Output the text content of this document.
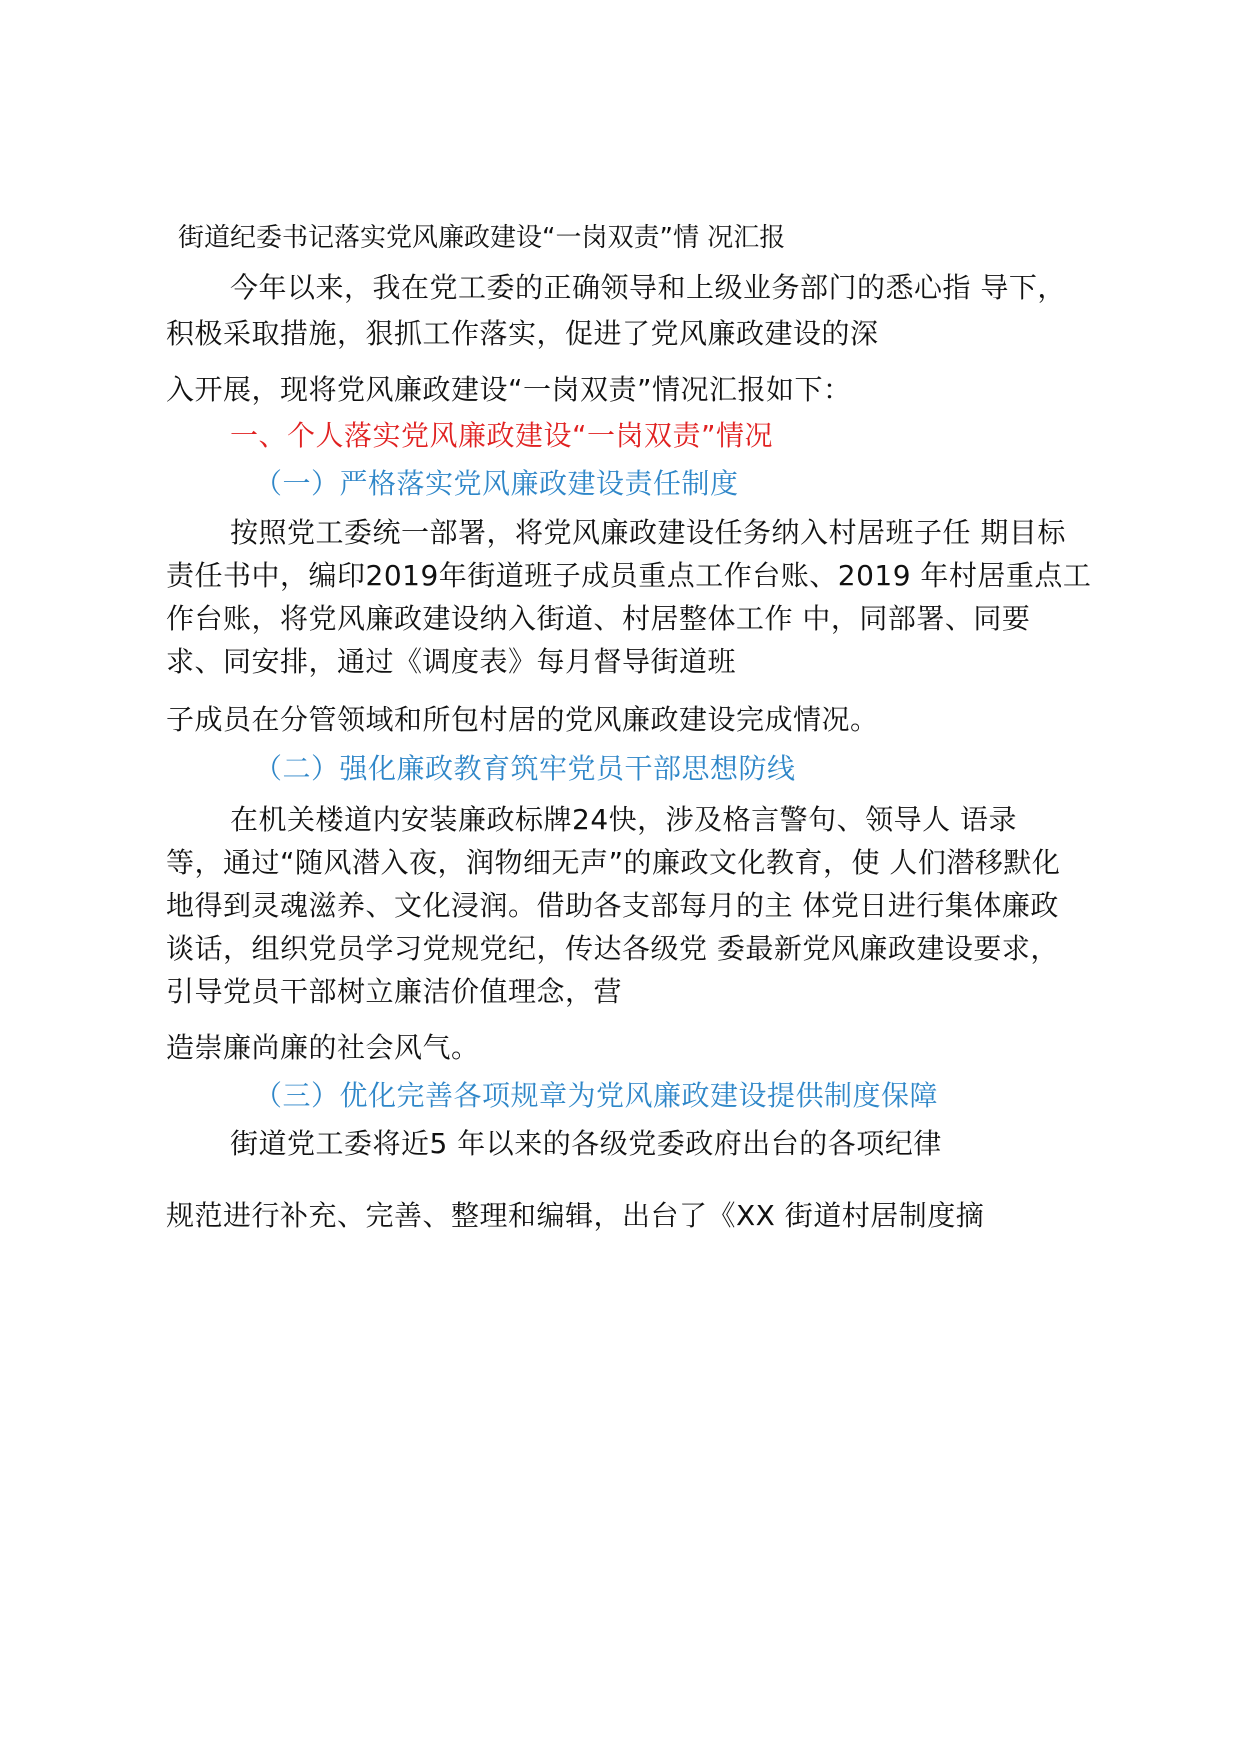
街道纪委书记落实党风廉政建设“一岗双责”情 况汇报
今年以来，我在党工委的正确领导和上级业务部门的悉心指 导下，
积极采取措施，狠抓工作落实，促进了党风廉政建设的深
入开展，现将党风廉政建设“一岗双责”情况汇报如下：
一、个人落实党风廉政建设“一岗双责”情况
（一）严格落实党风廉政建设责任制度
按照党工委统一部署，将党风廉政建设任务纳入村居班子任 期目标
责任书中，编印2019年街道班子成员重点工作台账、2019 年村居重点工
作台账，将党风廉政建设纳入街道、村居整体工作 中，同部署、同要
求、同安排，通过《调度表》每月督导街道班
子成员在分管领域和所包村居的党风廉政建设完成情况。
（二）强化廉政教育筑牢党员干部思想防线
在机关楼道内安装廉政标牌24快，涉及格言警句、领导人 语录
等，通过“随风潜入夜，润物细无声”的廉政文化教育，使 人们潜移默化
地得到灵魂滋养、文化浸润。借助各支部每月的主 体党日进行集体廉政
谈话，组织党员学习党规党纪，传达各级党 委最新党风廉政建设要求，
引导党员干部树立廉洁价值理念，营
造崇廉尚廉的社会风气。
（三）优化完善各项规章为党风廉政建设提供制度保障
街道党工委将近5 年以来的各级党委政府出台的各项纪律
规范进行补充、完善、整理和编辑，出台了《XX 街道村居制度摘
